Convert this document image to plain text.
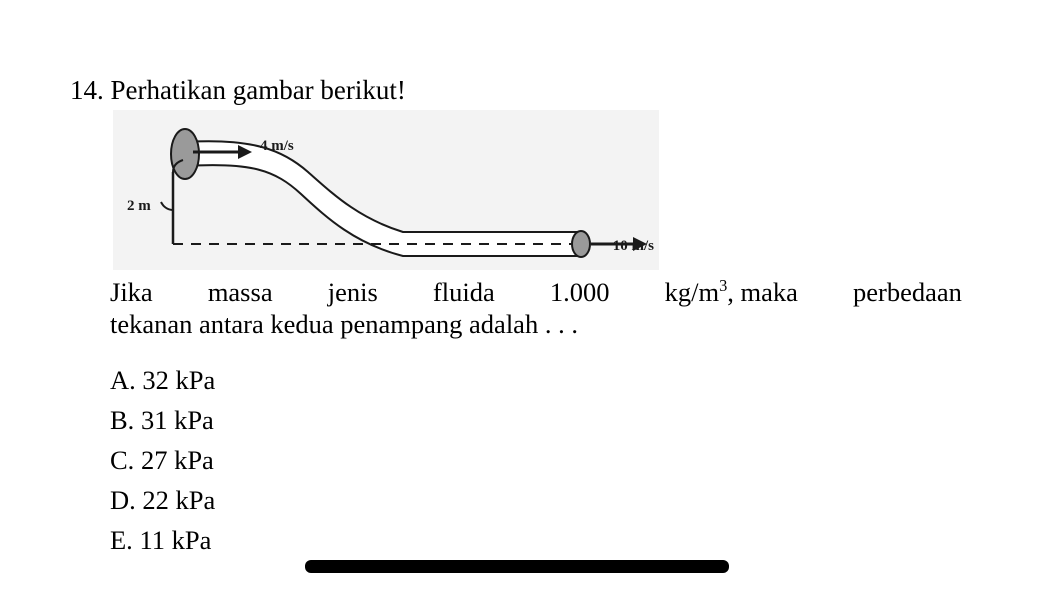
14. Perhatikan gambar berikut!
4 m/s
2 m
10 m/s
Jika massa jenis fluida 1.000 $kg/m^3$, maka perbedaan
tekanan antara kedua penampang adalah . . .
A. 32 kPa
B. 31 kPa
C. 27 kPa
D. 22 kPa
E. 11 kPa
